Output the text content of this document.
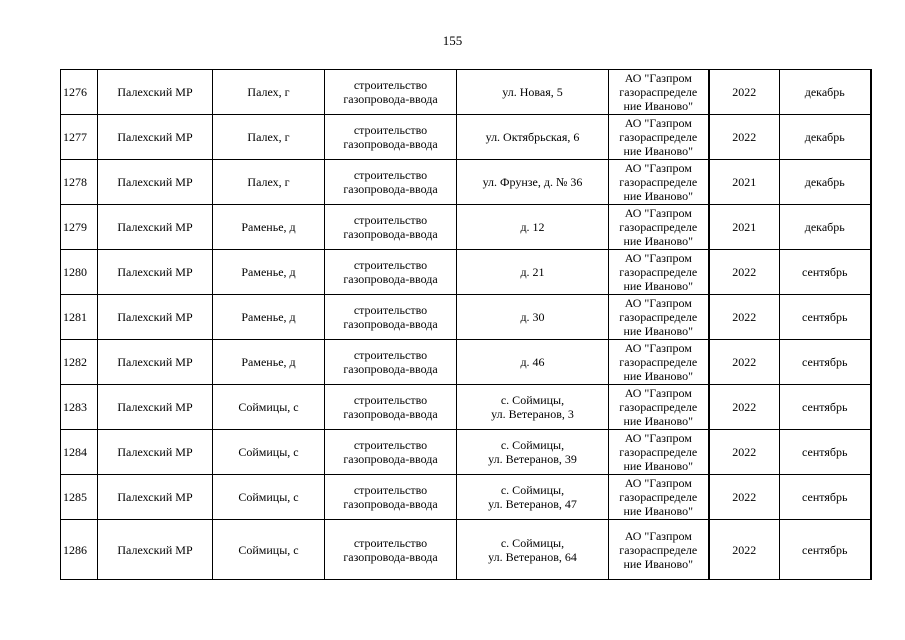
155
1276	Палехский МР	Палех, г	строительство
газопровода-ввода	ул. Новая, 5	АО "Газпром
газораспределе
ние Иваново"	2022	декабрь
1277	Палехский МР	Палех, г	строительство
газопровода-ввода	ул. Октябрьская, 6	АО "Газпром
газораспределе
ние Иваново"	2022	декабрь
1278	Палехский МР	Палех, г	строительство
газопровода-ввода	ул. Фрунзе, д. № 36	АО "Газпром
газораспределе
ние Иваново"	2021	декабрь
1279	Палехский МР	Раменье, д	строительство
газопровода-ввода	д. 12	АО "Газпром
газораспределе
ние Иваново"	2021	декабрь
1280	Палехский МР	Раменье, д	строительство
газопровода-ввода	д. 21	АО "Газпром
газораспределе
ние Иваново"	2022	сентябрь
1281	Палехский МР	Раменье, д	строительство
газопровода-ввода	д. 30	АО "Газпром
газораспределе
ние Иваново"	2022	сентябрь
1282	Палехский МР	Раменье, д	строительство
газопровода-ввода	д. 46	АО "Газпром
газораспределе
ние Иваново"	2022	сентябрь
1283	Палехский МР	Соймицы, с	строительство
газопровода-ввода	с. Соймицы,
ул. Ветеранов, 3	АО "Газпром
газораспределе
ние Иваново"	2022	сентябрь
1284	Палехский МР	Соймицы, с	строительство
газопровода-ввода	с. Соймицы,
ул. Ветеранов, 39	АО "Газпром
газораспределе
ние Иваново"	2022	сентябрь
1285	Палехский МР	Соймицы, с	строительство
газопровода-ввода	с. Соймицы,
ул. Ветеранов, 47	АО "Газпром
газораспределе
ние Иваново"	2022	сентябрь
1286	Палехский МР	Соймицы, с	строительство
газопровода-ввода	с. Соймицы,
ул. Ветеранов, 64	АО "Газпром
газораспределе
ние Иваново"	2022	сентябрь
